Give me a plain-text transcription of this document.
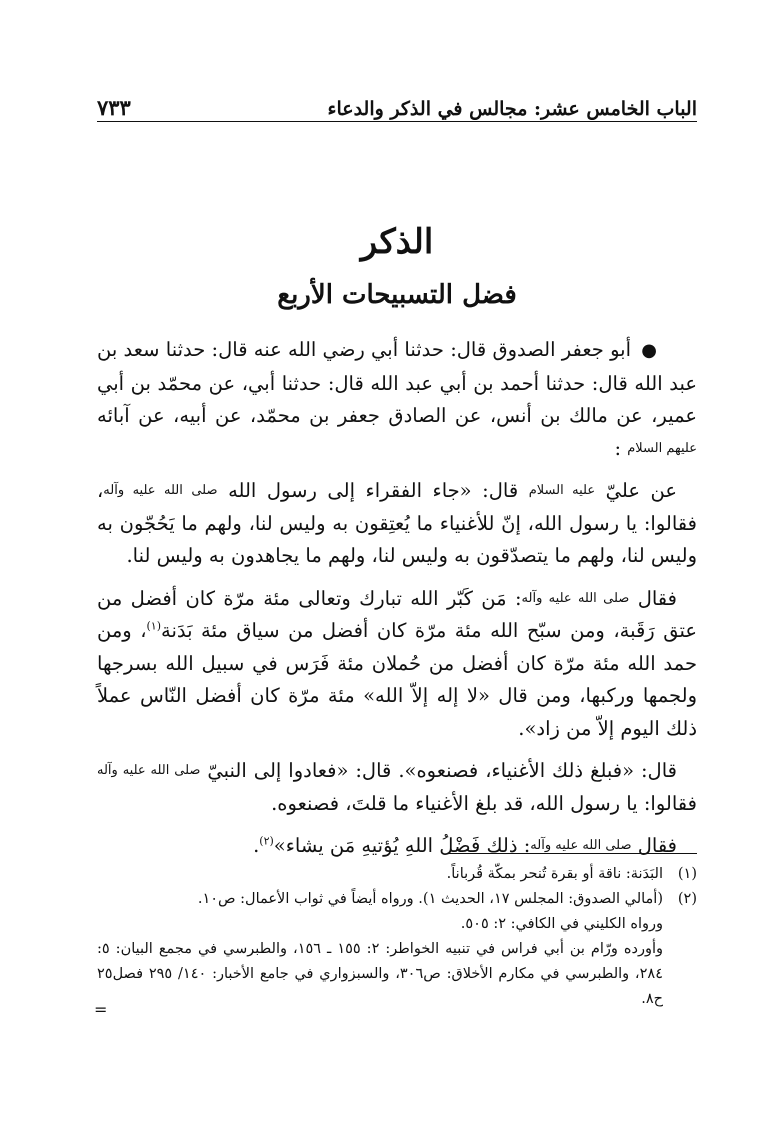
الباب الخامس عشر: مجالس في الذكر والدعاء
٧٣٣
الذكر
فضل التسبيحات الأربع

● أبو جعفر الصدوق قال: حدثنا أبي رضي الله عنه قال: حدثنا سعد بن عبد الله قال: حدثنا أحمد بن أبي عبد الله قال: حدثنا أبي، عن محمّد بن أبي عمير، عن مالك بن أنس، عن الصادق جعفر بن محمّد، عن أبيه، عن آبائه عليهم السلام :

عن عليّ عليه السلام قال: «جاء الفقراء إلى رسول الله صلى الله عليه وآله، فقالوا: يا رسول الله، إنّ للأغنياء ما يُعتِقون به وليس لنا، ولهم ما يَحُجّون به وليس لنا، ولهم ما يتصدّقون به وليس لنا، ولهم ما يجاهدون به وليس لنا.

فقال صلى الله عليه وآله: مَن كَبّر الله تبارك وتعالى مئة مرّة كان أفضل من عتق رَقَبة، ومن سبّح الله مئة مرّة كان أفضل من سياق مئة بَدَنة$^{(١)}$، ومن حمد الله مئة مرّة كان أفضل من حُملان مئة فَرَس في سبيل الله بسرجها ولجمها وركبها، ومن قال «لا إله إلاّ الله» مئة مرّة كان أفضل النّاس عملاً ذلك اليوم إلاّ من زاد».

قال: «فبلغ ذلك الأغنياء، فصنعوه». قال: «فعادوا إلى النبيّ صلى الله عليه وآله فقالوا: يا رسول الله، قد بلغ الأغنياء ما قلتَ، فصنعوه.

فقال صلى الله عليه وآله: ذلك فَضْلُ اللهِ يُؤتيهِ مَن يشاء»$^{(٢)}$.

(١)
البَدَنة: ناقة أو بقرة تُنحر بمكّة قُرباناً.
(٢)
(أمالي الصدوق: المجلس ١٧، الحديث ١). ورواه أيضاً في ثواب الأعمال: ص١٠.
ورواه الكليني في الكافي: ٢: ٥٠٥.
وأورده ورّام بن أبي فراس في تنبيه الخواطر: ٢: ١٥٥ ـ ١٥٦، والطبرسي في مجمع البيان: ٥: ٢٨٤، والطبرسي في مكارم الأخلاق: ص٣٠٦، والسبزواري في جامع الأخبار: ١٤٠/ ٢٩٥ فصل٢٥ ح٨.
=
